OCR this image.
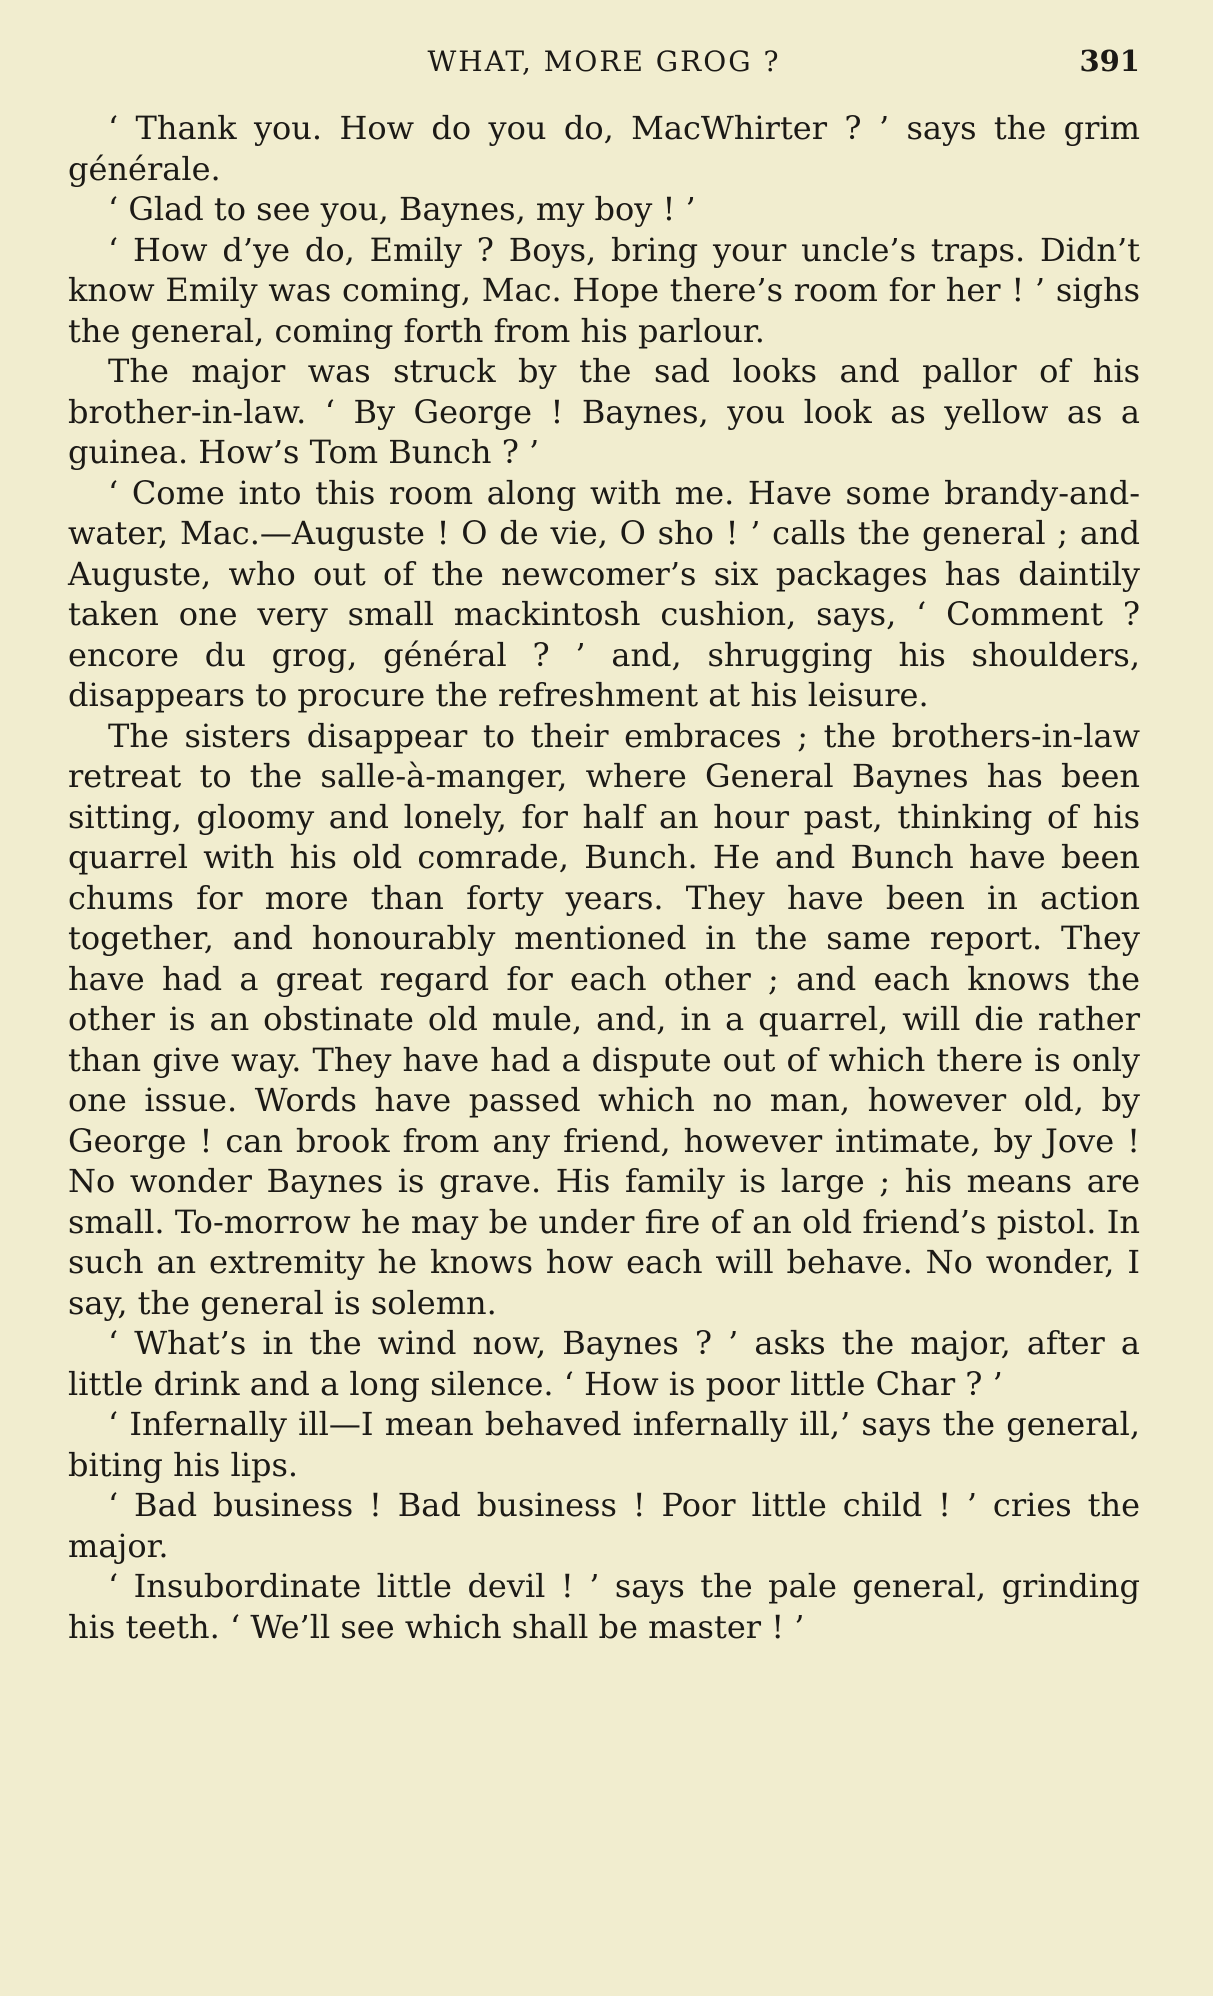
WHAT, MORE GROG ?	391

‘ Thank you. How do you do, MacWhirter ? ’ says the grim générale.

‘ Glad to see you, Baynes, my boy ! ’

‘ How d’ye do, Emily ? Boys, bring your uncle’s traps. Didn’t know Emily was coming, Mac. Hope there’s room for her ! ’ sighs the general, coming forth from his parlour.

The major was struck by the sad looks and pallor of his brother-in-law. ‘ By George ! Baynes, you look as yellow as a guinea. How’s Tom Bunch ? ’

‘ Come into this room along with me. Have some brandy-and-water, Mac.—Auguste ! O de vie, O sho ! ’ calls the general ; and Auguste, who out of the newcomer’s six packages has daintily taken one very small mackintosh cushion, says, ‘ Comment ? encore du grog, général ? ’ and, shrugging his shoulders, disappears to procure the refreshment at his leisure.

The sisters disappear to their embraces ; the brothers-in-law retreat to the salle-à-manger, where General Baynes has been sitting, gloomy and lonely, for half an hour past, thinking of his quarrel with his old comrade, Bunch. He and Bunch have been chums for more than forty years. They have been in action together, and honourably mentioned in the same report. They have had a great regard for each other ; and each knows the other is an obstinate old mule, and, in a quarrel, will die rather than give way. They have had a dispute out of which there is only one issue. Words have passed which no man, however old, by George ! can brook from any friend, however intimate, by Jove ! No wonder Baynes is grave. His family is large ; his means are small. To-morrow he may be under fire of an old friend’s pistol. In such an extremity he knows how each will behave. No wonder, I say, the general is solemn.

‘ What’s in the wind now, Baynes ? ’ asks the major, after a little drink and a long silence. ‘ How is poor little Char ? ’

‘ Infernally ill—I mean behaved infernally ill,’ says the general, biting his lips.

‘ Bad business ! Bad business ! Poor little child ! ’ cries the major.

‘ Insubordinate little devil ! ’ says the pale general, grinding his teeth. ‘ We’ll see which shall be master ! ’
